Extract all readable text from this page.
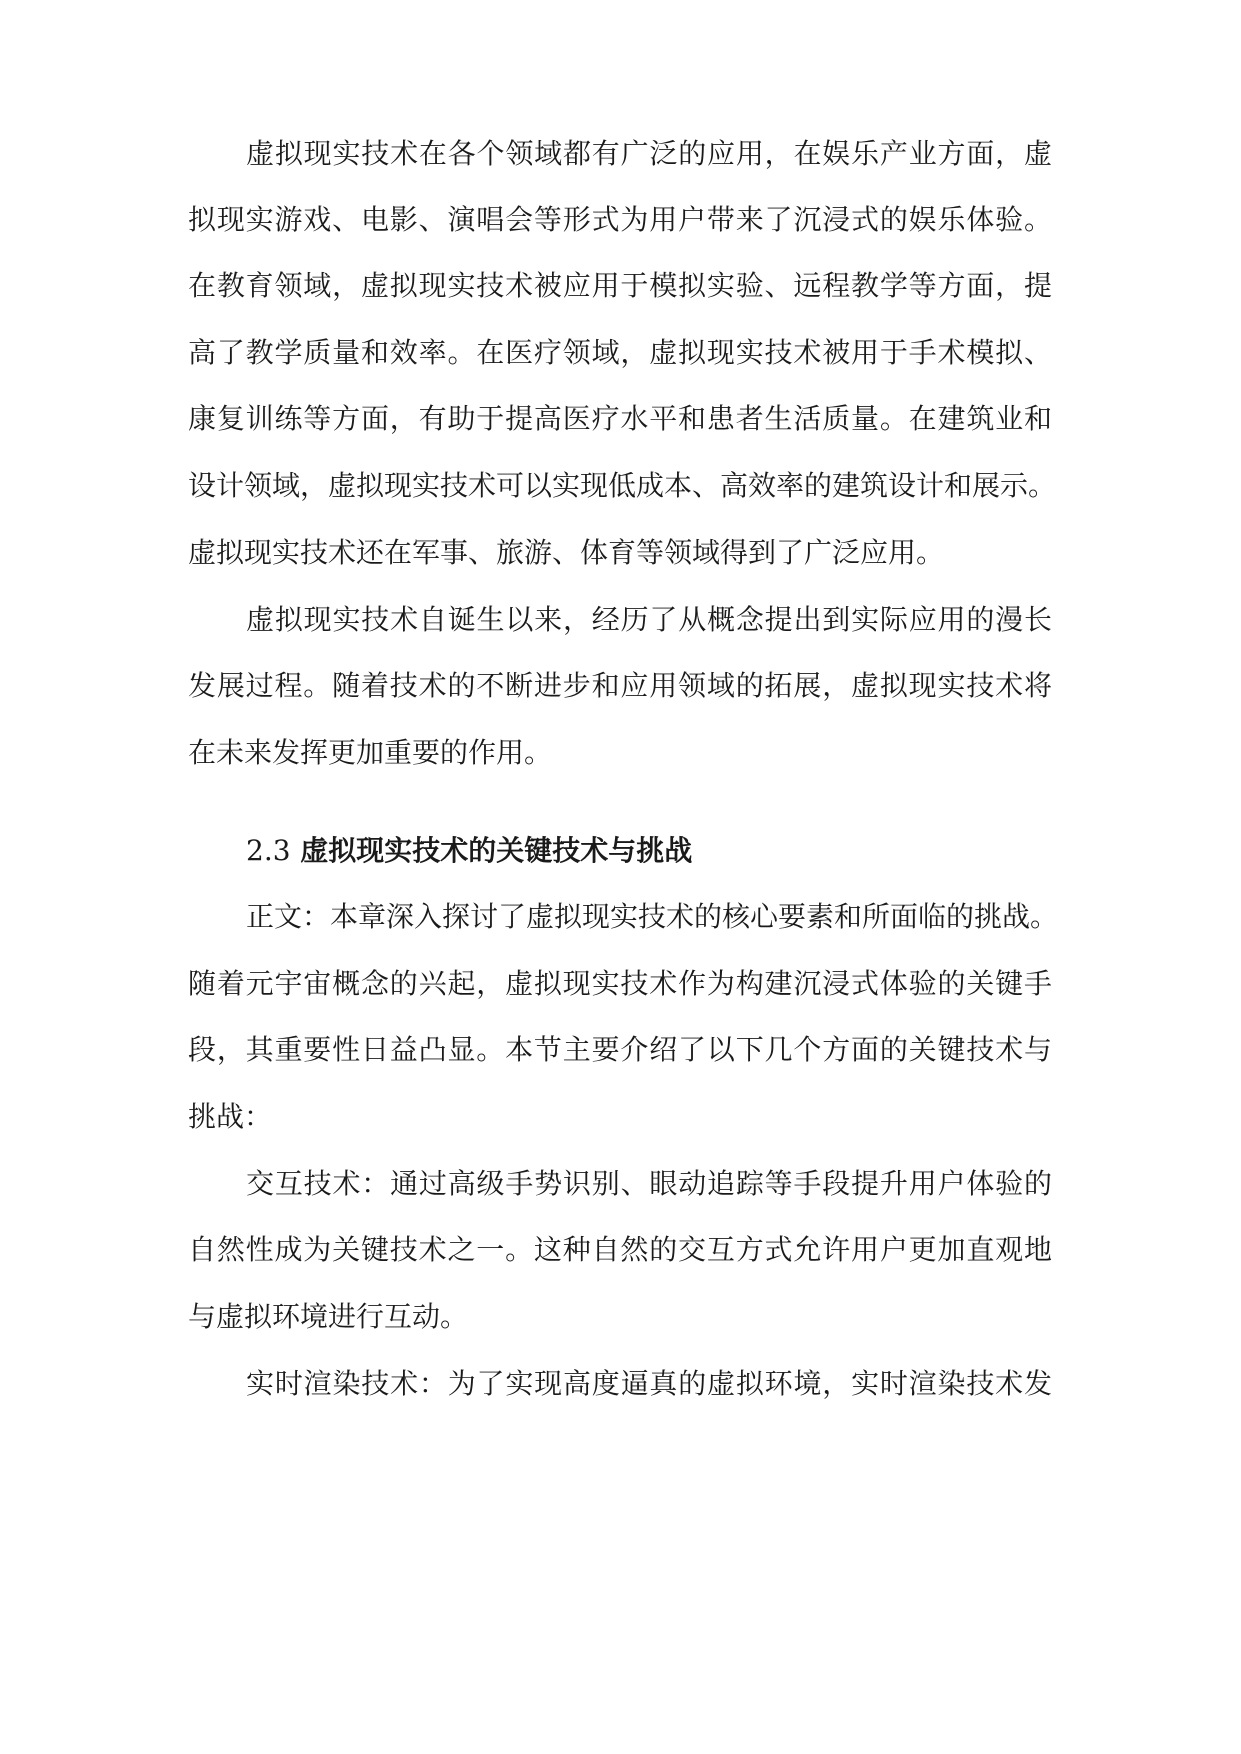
虚拟现实技术在各个领域都有广泛的应用，在娱乐产业方面，虚
拟现实游戏、电影、演唱会等形式为用户带来了沉浸式的娱乐体验。
在教育领域，虚拟现实技术被应用于模拟实验、远程教学等方面，提
高了教学质量和效率。在医疗领域，虚拟现实技术被用于手术模拟、
康复训练等方面，有助于提高医疗水平和患者生活质量。在建筑业和
设计领域，虚拟现实技术可以实现低成本、高效率的建筑设计和展示。
虚拟现实技术还在军事、旅游、体育等领域得到了广泛应用。
虚拟现实技术自诞生以来，经历了从概念提出到实际应用的漫长
发展过程。随着技术的不断进步和应用领域的拓展，虚拟现实技术将
在未来发挥更加重要的作用。
2.3 虚拟现实技术的关键技术与挑战
正文：本章深入探讨了虚拟现实技术的核心要素和所面临的挑战。
随着元宇宙概念的兴起，虚拟现实技术作为构建沉浸式体验的关键手
段，其重要性日益凸显。本节主要介绍了以下几个方面的关键技术与
挑战：
交互技术：通过高级手势识别、眼动追踪等手段提升用户体验的
自然性成为关键技术之一。这种自然的交互方式允许用户更加直观地
与虚拟环境进行互动。
实时渲染技术：为了实现高度逼真的虚拟环境，实时渲染技术发
